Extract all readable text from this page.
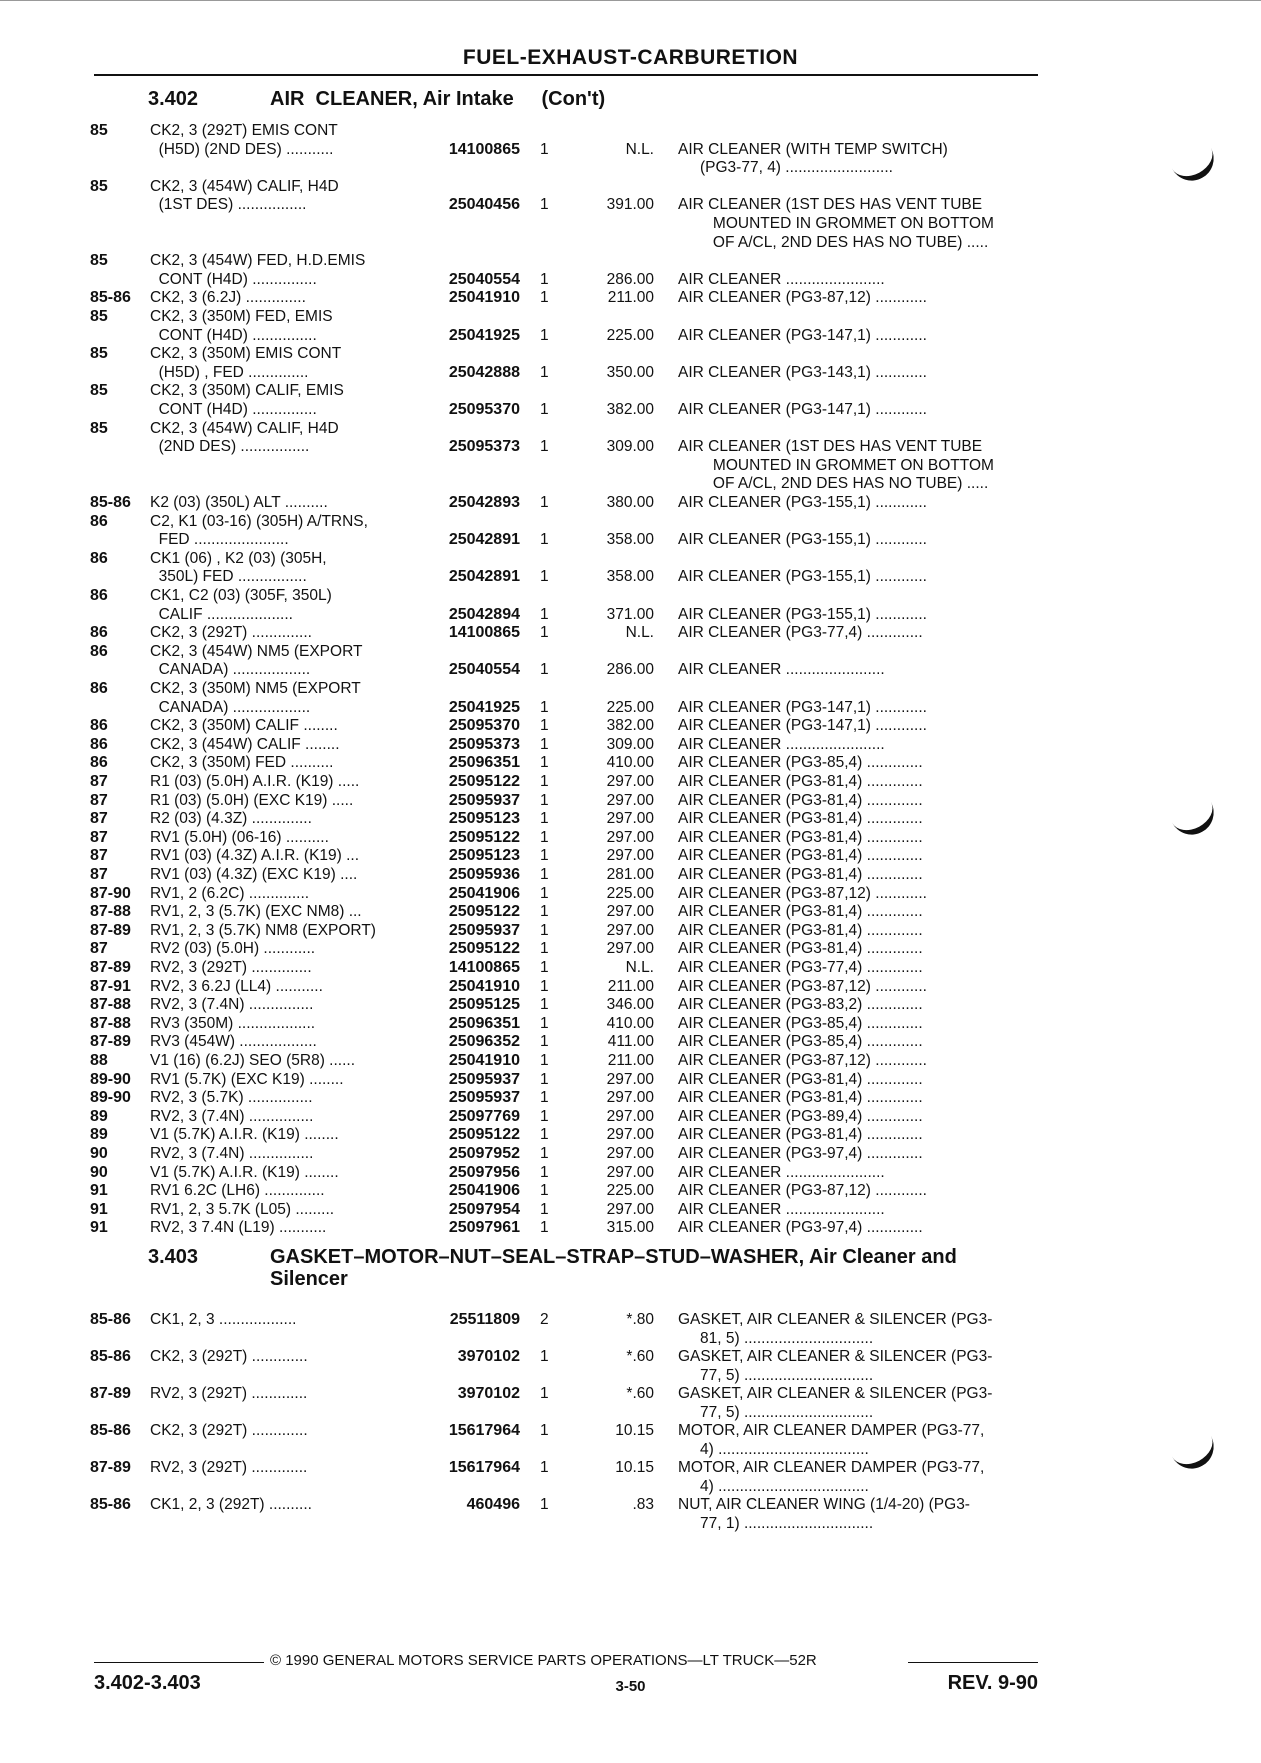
FUEL-EXHAUST-CARBURETION
3.402	AIR  CLEANER, Air Intake     (Con't)
85	CK2, 3 (292T) EMIS CONT
(H5D) (2ND DES) ...........	14100865 1	N.L. AIR CLEANER (WITH TEMP SWITCH)
(PG3-77, 4) .........................
85	CK2, 3 (454W) CALIF, H4D
(1ST DES) ................	25040456 1	391.00 AIR CLEANER (1ST DES HAS VENT TUBE
MOUNTED IN GROMMET ON BOTTOM
OF A/CL, 2ND DES HAS NO TUBE) .....
85	CK2, 3 (454W) FED, H.D.EMIS
CONT (H4D) ...............	25040554 1	286.00 AIR CLEANER .......................
85-86	CK2, 3 (6.2J) ..............	25041910 1	211.00 AIR CLEANER (PG3-87,12) ............
85	CK2, 3 (350M) FED, EMIS
CONT (H4D) ...............	25041925 1	225.00 AIR CLEANER (PG3-147,1) ............
85	CK2, 3 (350M) EMIS CONT
(H5D) , FED ..............	25042888 1	350.00 AIR CLEANER (PG3-143,1) ............
85	CK2, 3 (350M) CALIF, EMIS
CONT (H4D) ...............	25095370 1	382.00 AIR CLEANER (PG3-147,1) ............
85	CK2, 3 (454W) CALIF, H4D
(2ND DES) ................	25095373 1	309.00 AIR CLEANER (1ST DES HAS VENT TUBE
MOUNTED IN GROMMET ON BOTTOM
OF A/CL, 2ND DES HAS NO TUBE) .....
85-86	K2 (03) (350L) ALT ..........	25042893 1	380.00 AIR CLEANER (PG3-155,1) ............
86	C2, K1 (03-16) (305H) A/TRNS,
FED ......................	25042891 1	358.00 AIR CLEANER (PG3-155,1) ............
86	CK1 (06) , K2 (03) (305H,
350L) FED ................	25042891 1	358.00 AIR CLEANER (PG3-155,1) ............
86	CK1, C2 (03) (305F, 350L)
CALIF ....................	25042894 1	371.00 AIR CLEANER (PG3-155,1) ............
86	CK2, 3 (292T) ..............	14100865 1	N.L. AIR CLEANER (PG3-77,4) .............
86	CK2, 3 (454W) NM5 (EXPORT
CANADA) ..................	25040554 1	286.00 AIR CLEANER .......................
86	CK2, 3 (350M) NM5 (EXPORT
CANADA) ..................	25041925 1	225.00 AIR CLEANER (PG3-147,1) ............
86	CK2, 3 (350M) CALIF ........	25095370 1	382.00 AIR CLEANER (PG3-147,1) ............
86	CK2, 3 (454W) CALIF ........	25095373 1	309.00 AIR CLEANER .......................
86	CK2, 3 (350M) FED ..........	25096351 1	410.00 AIR CLEANER (PG3-85,4) .............
87	R1 (03) (5.0H) A.I.R. (K19) .....	25095122 1	297.00 AIR CLEANER (PG3-81,4) .............
87	R1 (03) (5.0H) (EXC K19) .....	25095937 1	297.00 AIR CLEANER (PG3-81,4) .............
87	R2 (03) (4.3Z) ..............	25095123 1	297.00 AIR CLEANER (PG3-81,4) .............
87	RV1 (5.0H) (06-16) ..........	25095122 1	297.00 AIR CLEANER (PG3-81,4) .............
87	RV1 (03) (4.3Z) A.I.R. (K19) ...	25095123 1	297.00 AIR CLEANER (PG3-81,4) .............
87	RV1 (03) (4.3Z) (EXC K19) ....	25095936 1	281.00 AIR CLEANER (PG3-81,4) .............
87-90	RV1, 2 (6.2C) ..............	25041906 1	225.00 AIR CLEANER (PG3-87,12) ............
87-88	RV1, 2, 3 (5.7K) (EXC NM8) ...	25095122 1	297.00 AIR CLEANER (PG3-81,4) .............
87-89	RV1, 2, 3 (5.7K) NM8 (EXPORT)	25095937 1	297.00 AIR CLEANER (PG3-81,4) .............
87	RV2 (03) (5.0H) ............	25095122 1	297.00 AIR CLEANER (PG3-81,4) .............
87-89	RV2, 3 (292T) ..............	14100865 1	N.L. AIR CLEANER (PG3-77,4) .............
87-91	RV2, 3 6.2J (LL4) ...........	25041910 1	211.00 AIR CLEANER (PG3-87,12) ............
87-88	RV2, 3 (7.4N) ...............	25095125 1	346.00 AIR CLEANER (PG3-83,2) .............
87-88	RV3 (350M) ..................	25096351 1	410.00 AIR CLEANER (PG3-85,4) .............
87-89	RV3 (454W) ..................	25096352 1	411.00 AIR CLEANER (PG3-85,4) .............
88	V1 (16) (6.2J) SEO (5R8) ......	25041910 1	211.00 AIR CLEANER (PG3-87,12) ............
89-90	RV1 (5.7K) (EXC K19) ........	25095937 1	297.00 AIR CLEANER (PG3-81,4) .............
89-90	RV2, 3 (5.7K) ...............	25095937 1	297.00 AIR CLEANER (PG3-81,4) .............
89	RV2, 3 (7.4N) ...............	25097769 1	297.00 AIR CLEANER (PG3-89,4) .............
89	V1 (5.7K) A.I.R. (K19) ........	25095122 1	297.00 AIR CLEANER (PG3-81,4) .............
90	RV2, 3 (7.4N) ...............	25097952 1	297.00 AIR CLEANER (PG3-97,4) .............
90	V1 (5.7K) A.I.R. (K19) ........	25097956 1	297.00 AIR CLEANER .......................
91	RV1 6.2C (LH6) ..............	25041906 1	225.00 AIR CLEANER (PG3-87,12) ............
91	RV1, 2, 3 5.7K (L05) .........	25097954 1	297.00 AIR CLEANER .......................
91	RV2, 3 7.4N (L19) ...........	25097961 1	315.00 AIR CLEANER (PG3-97,4) .............
3.403	GASKET–MOTOR–NUT–SEAL–STRAP–STUD–WASHER, Air Cleaner and
Silencer
85-86	CK1, 2, 3 ..................	25511809 2	*.80 GASKET, AIR CLEANER & SILENCER (PG3-
81, 5) ..............................
85-86	CK2, 3 (292T) .............	3970102 1	*.60 GASKET, AIR CLEANER & SILENCER (PG3-
77, 5) ..............................
87-89	RV2, 3 (292T) .............	3970102 1	*.60 GASKET, AIR CLEANER & SILENCER (PG3-
77, 5) ..............................
85-86	CK2, 3 (292T) .............	15617964 1	10.15 MOTOR, AIR CLEANER DAMPER (PG3-77,
4) ...................................
87-89	RV2, 3 (292T) .............	15617964 1	10.15 MOTOR, AIR CLEANER DAMPER (PG3-77,
4) ...................................
85-86	CK1, 2, 3 (292T) ..........	460496 1	.83 NUT, AIR CLEANER WING (1/4-20) (PG3-
77, 1) ..............................
© 1990 GENERAL MOTORS SERVICE PARTS OPERATIONS—LT TRUCK—52R
3.402-3.403	3-50	REV. 9-90
